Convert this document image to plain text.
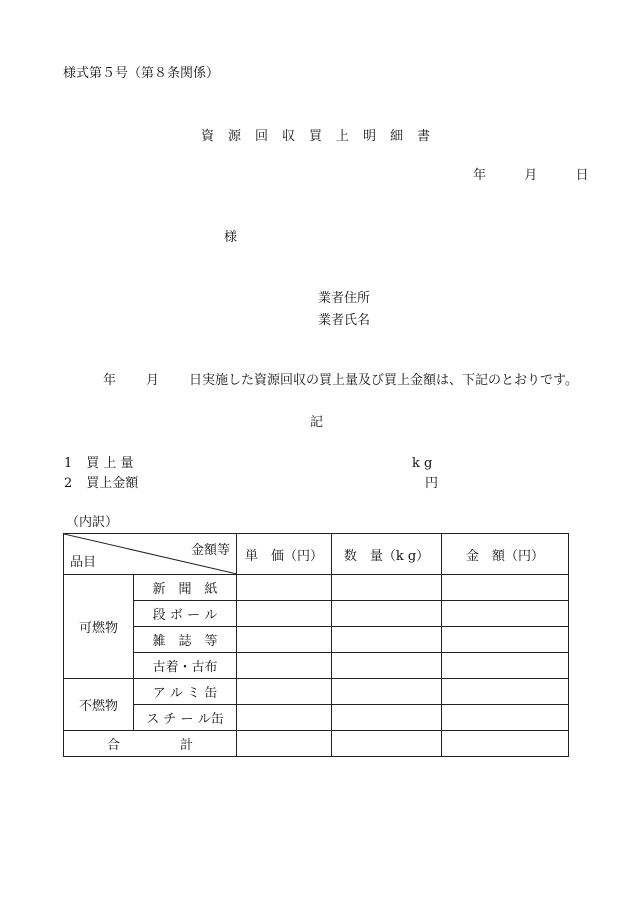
様式第５号（第８条関係）
資　源　回　収　買　上　明　細　書
年	月	日
様
業者住所
業者氏名
年 月 日実施した資源回収の買上量及び買上金額は、下記のとおりです。
記
1 買 上 量	k g
2 買上金額	円
（内訳）
金額等
品目		単　価（円）	数　量（k g）	金　額（円）
可燃物	新　聞　紙			
	段 ボ ー ル			
	雑　誌　等			
	古着・古布			
不燃物	ア ル ミ 缶			
	ス チ ー ル缶			
合 計				
